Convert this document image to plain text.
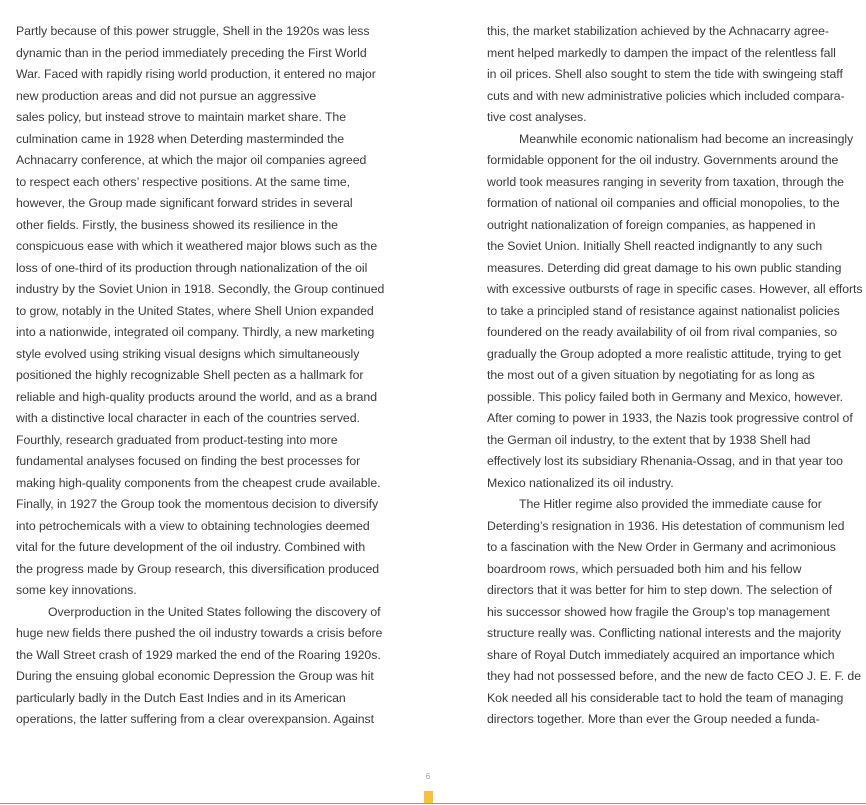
Partly because of this power struggle, Shell in the 1920s was less
dynamic than in the period immediately preceding the First World
War. Faced with rapidly rising world production, it entered no major
new production areas and did not pursue an aggressive
sales policy, but instead strove to maintain market share. The
culmination came in 1928 when Deterding masterminded the
Achnacarry conference, at which the major oil companies agreed
to respect each others’ respective positions. At the same time,
however, the Group made significant forward strides in several
other fields. Firstly, the business showed its resilience in the
conspicuous ease with which it weathered major blows such as the
loss of one-third of its production through nationalization of the oil
industry by the Soviet Union in 1918. Secondly, the Group continued
to grow, notably in the United States, where Shell Union expanded
into a nationwide, integrated oil company. Thirdly, a new marketing
style evolved using striking visual designs which simultaneously
positioned the highly recognizable Shell pecten as a hallmark for
reliable and high-quality products around the world, and as a brand
with a distinctive local character in each of the countries served.
Fourthly, research graduated from product-testing into more
fundamental analyses focused on finding the best processes for
making high-quality components from the cheapest crude available.
Finally, in 1927 the Group took the momentous decision to diversify
into petrochemicals with a view to obtaining technologies deemed
vital for the future development of the oil industry. Combined with
the progress made by Group research, this diversification produced
some key innovations.
Overproduction in the United States following the discovery of
huge new fields there pushed the oil industry towards a crisis before
the Wall Street crash of 1929 marked the end of the Roaring 1920s.
During the ensuing global economic Depression the Group was hit
particularly badly in the Dutch East Indies and in its American
operations, the latter suffering from a clear overexpansion. Against
this, the market stabilization achieved by the Achnacarry agree-
ment helped markedly to dampen the impact of the relentless fall
in oil prices. Shell also sought to stem the tide with swingeing staff
cuts and with new administrative policies which included compara-
tive cost analyses.
Meanwhile economic nationalism had become an increasingly
formidable opponent for the oil industry. Governments around the
world took measures ranging in severity from taxation, through the
formation of national oil companies and official monopolies, to the
outright nationalization of foreign companies, as happened in
the Soviet Union. Initially Shell reacted indignantly to any such
measures. Deterding did great damage to his own public standing
with excessive outbursts of rage in specific cases. However, all efforts
to take a principled stand of resistance against nationalist policies
foundered on the ready availability of oil from rival companies, so
gradually the Group adopted a more realistic attitude, trying to get
the most out of a given situation by negotiating for as long as
possible. This policy failed both in Germany and Mexico, however.
After coming to power in 1933, the Nazis took progressive control of
the German oil industry, to the extent that by 1938 Shell had
effectively lost its subsidiary Rhenania-Ossag, and in that year too
Mexico nationalized its oil industry.
The Hitler regime also provided the immediate cause for
Deterding’s resignation in 1936. His detestation of communism led
to a fascination with the New Order in Germany and acrimonious
boardroom rows, which persuaded both him and his fellow
directors that it was better for him to step down. The selection of
his successor showed how fragile the Group’s top management
structure really was. Conflicting national interests and the majority
share of Royal Dutch immediately acquired an importance which
they had not possessed before, and the new de facto CEO J. E. F. de
Kok needed all his considerable tact to hold the team of managing
directors together. More than ever the Group needed a funda-
6
